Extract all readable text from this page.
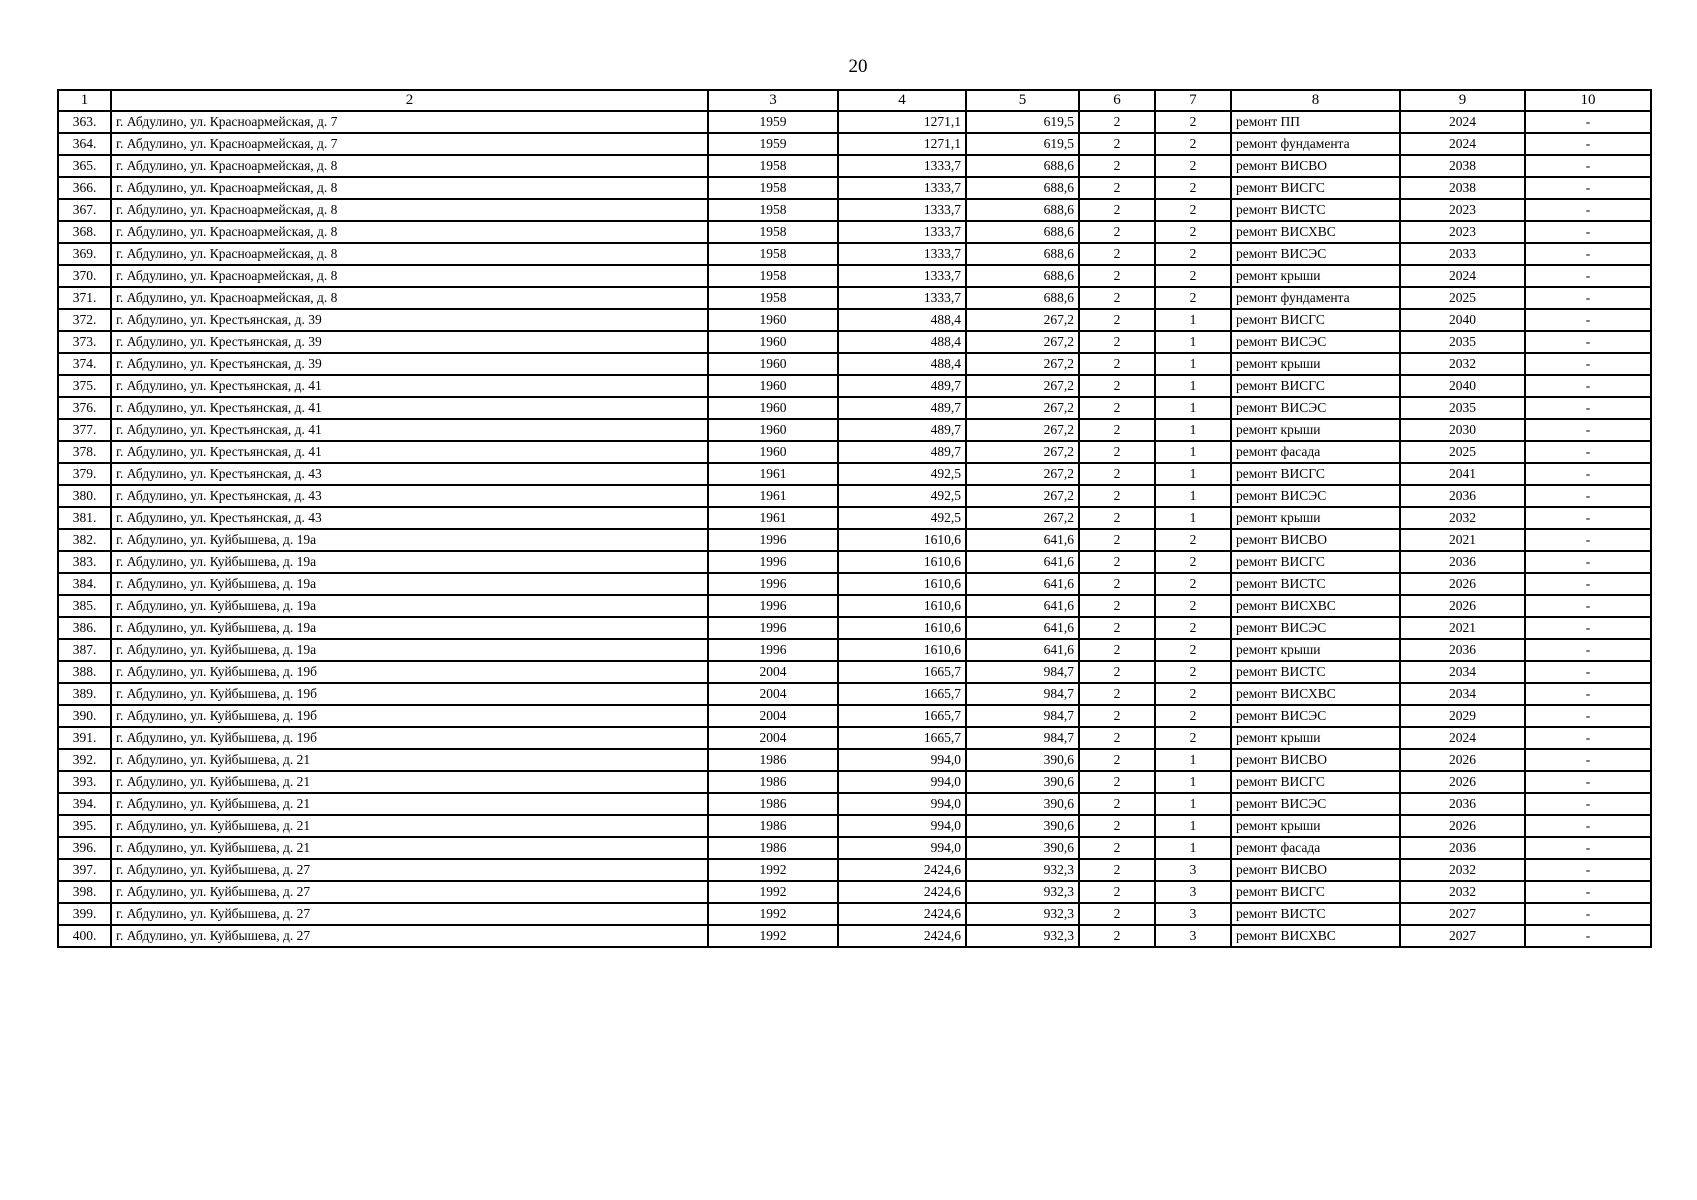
20
1	2	3	4	5	6	7	8	9	10
363.	г. Абдулино, ул. Красноармейская, д. 7	1959	1271,1	619,5	2	2	ремонт ПП	2024	-
364.	г. Абдулино, ул. Красноармейская, д. 7	1959	1271,1	619,5	2	2	ремонт фундамента	2024	-
365.	г. Абдулино, ул. Красноармейская, д. 8	1958	1333,7	688,6	2	2	ремонт ВИСВО	2038	-
366.	г. Абдулино, ул. Красноармейская, д. 8	1958	1333,7	688,6	2	2	ремонт ВИСГС	2038	-
367.	г. Абдулино, ул. Красноармейская, д. 8	1958	1333,7	688,6	2	2	ремонт ВИСТС	2023	-
368.	г. Абдулино, ул. Красноармейская, д. 8	1958	1333,7	688,6	2	2	ремонт ВИСХВС	2023	-
369.	г. Абдулино, ул. Красноармейская, д. 8	1958	1333,7	688,6	2	2	ремонт ВИСЭС	2033	-
370.	г. Абдулино, ул. Красноармейская, д. 8	1958	1333,7	688,6	2	2	ремонт крыши	2024	-
371.	г. Абдулино, ул. Красноармейская, д. 8	1958	1333,7	688,6	2	2	ремонт фундамента	2025	-
372.	г. Абдулино, ул. Крестьянская, д. 39	1960	488,4	267,2	2	1	ремонт ВИСГС	2040	-
373.	г. Абдулино, ул. Крестьянская, д. 39	1960	488,4	267,2	2	1	ремонт ВИСЭС	2035	-
374.	г. Абдулино, ул. Крестьянская, д. 39	1960	488,4	267,2	2	1	ремонт крыши	2032	-
375.	г. Абдулино, ул. Крестьянская, д. 41	1960	489,7	267,2	2	1	ремонт ВИСГС	2040	-
376.	г. Абдулино, ул. Крестьянская, д. 41	1960	489,7	267,2	2	1	ремонт ВИСЭС	2035	-
377.	г. Абдулино, ул. Крестьянская, д. 41	1960	489,7	267,2	2	1	ремонт крыши	2030	-
378.	г. Абдулино, ул. Крестьянская, д. 41	1960	489,7	267,2	2	1	ремонт фасада	2025	-
379.	г. Абдулино, ул. Крестьянская, д. 43	1961	492,5	267,2	2	1	ремонт ВИСГС	2041	-
380.	г. Абдулино, ул. Крестьянская, д. 43	1961	492,5	267,2	2	1	ремонт ВИСЭС	2036	-
381.	г. Абдулино, ул. Крестьянская, д. 43	1961	492,5	267,2	2	1	ремонт крыши	2032	-
382.	г. Абдулино, ул. Куйбышева, д. 19а	1996	1610,6	641,6	2	2	ремонт ВИСВО	2021	-
383.	г. Абдулино, ул. Куйбышева, д. 19а	1996	1610,6	641,6	2	2	ремонт ВИСГС	2036	-
384.	г. Абдулино, ул. Куйбышева, д. 19а	1996	1610,6	641,6	2	2	ремонт ВИСТС	2026	-
385.	г. Абдулино, ул. Куйбышева, д. 19а	1996	1610,6	641,6	2	2	ремонт ВИСХВС	2026	-
386.	г. Абдулино, ул. Куйбышева, д. 19а	1996	1610,6	641,6	2	2	ремонт ВИСЭС	2021	-
387.	г. Абдулино, ул. Куйбышева, д. 19а	1996	1610,6	641,6	2	2	ремонт крыши	2036	-
388.	г. Абдулино, ул. Куйбышева, д. 19б	2004	1665,7	984,7	2	2	ремонт ВИСТС	2034	-
389.	г. Абдулино, ул. Куйбышева, д. 19б	2004	1665,7	984,7	2	2	ремонт ВИСХВС	2034	-
390.	г. Абдулино, ул. Куйбышева, д. 19б	2004	1665,7	984,7	2	2	ремонт ВИСЭС	2029	-
391.	г. Абдулино, ул. Куйбышева, д. 19б	2004	1665,7	984,7	2	2	ремонт крыши	2024	-
392.	г. Абдулино, ул. Куйбышева, д. 21	1986	994,0	390,6	2	1	ремонт ВИСВО	2026	-
393.	г. Абдулино, ул. Куйбышева, д. 21	1986	994,0	390,6	2	1	ремонт ВИСГС	2026	-
394.	г. Абдулино, ул. Куйбышева, д. 21	1986	994,0	390,6	2	1	ремонт ВИСЭС	2036	-
395.	г. Абдулино, ул. Куйбышева, д. 21	1986	994,0	390,6	2	1	ремонт крыши	2026	-
396.	г. Абдулино, ул. Куйбышева, д. 21	1986	994,0	390,6	2	1	ремонт фасада	2036	-
397.	г. Абдулино, ул. Куйбышева, д. 27	1992	2424,6	932,3	2	3	ремонт ВИСВО	2032	-
398.	г. Абдулино, ул. Куйбышева, д. 27	1992	2424,6	932,3	2	3	ремонт ВИСГС	2032	-
399.	г. Абдулино, ул. Куйбышева, д. 27	1992	2424,6	932,3	2	3	ремонт ВИСТС	2027	-
400.	г. Абдулино, ул. Куйбышева, д. 27	1992	2424,6	932,3	2	3	ремонт ВИСХВС	2027	-
